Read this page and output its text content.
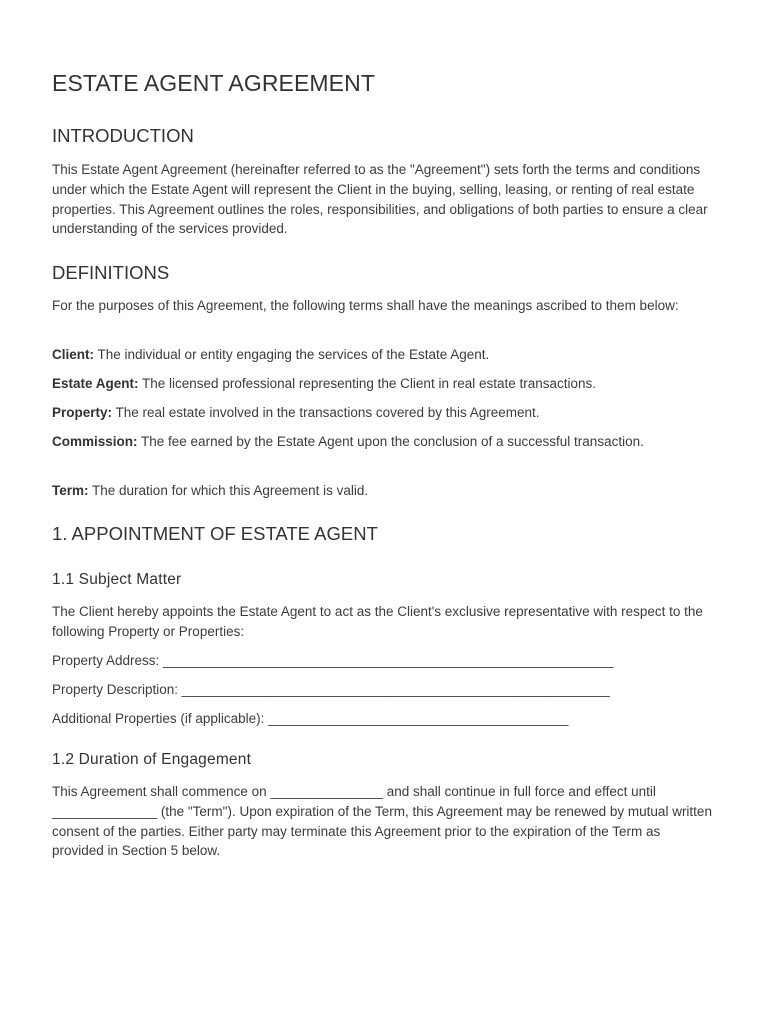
ESTATE AGENT AGREEMENT
INTRODUCTION

This Estate Agent Agreement (hereinafter referred to as the "Agreement") sets forth the terms and conditions under which the Estate Agent will represent the Client in the buying, selling, leasing, or renting of real estate properties. This Agreement outlines the roles, responsibilities, and obligations of both parties to ensure a clear understanding of the services provided.

DEFINITIONS

For the purposes of this Agreement, the following terms shall have the meanings ascribed to them below:

Client: The individual or entity engaging the services of the Estate Agent.

Estate Agent: The licensed professional representing the Client in real estate transactions.

Property: The real estate involved in the transactions covered by this Agreement.

Commission: The fee earned by the Estate Agent upon the conclusion of a successful transaction.

Term: The duration for which this Agreement is valid.

1. APPOINTMENT OF ESTATE AGENT
1.1 Subject Matter

The Client hereby appoints the Estate Agent to act as the Client's exclusive representative with respect to the following Property or Properties:

Property Address: ____________________________________________________________

Property Description: _________________________________________________________

Additional Properties (if applicable): ________________________________________

1.2 Duration of Engagement

This Agreement shall commence on _______________ and shall continue in full force and effect until ______________ (the "Term"). Upon expiration of the Term, this Agreement may be renewed by mutual written consent of the parties. Either party may terminate this Agreement prior to the expiration of the Term as provided in Section 5 below.
